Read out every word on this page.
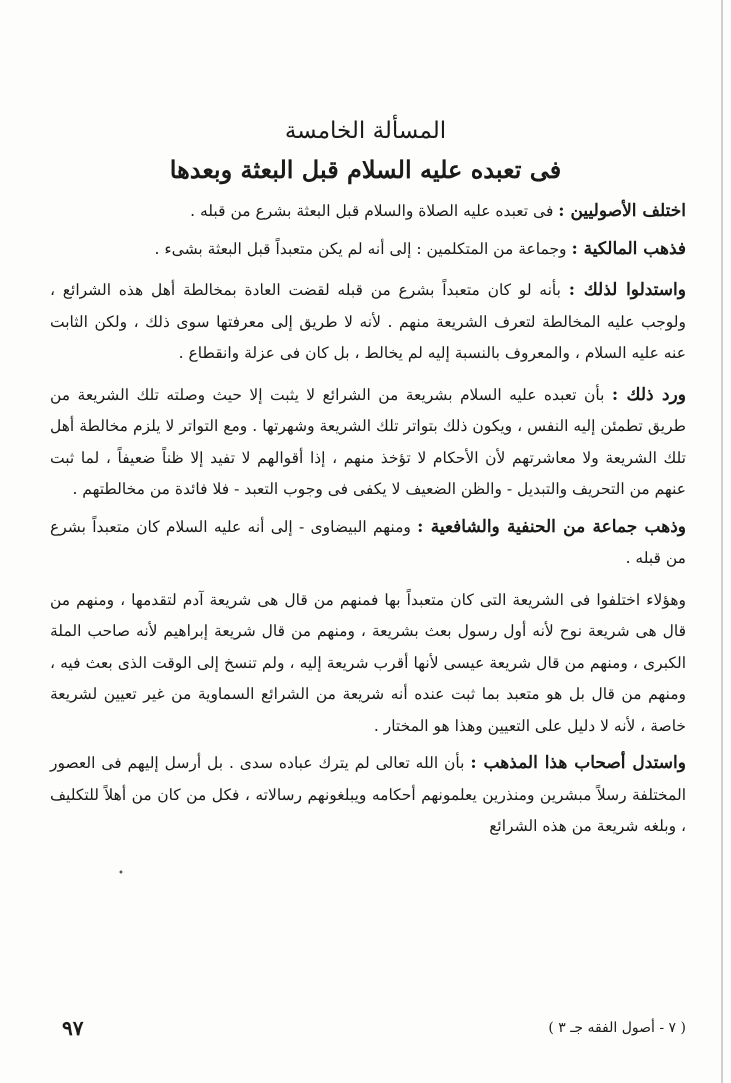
المسألة الخامسة
فى تعبده عليه السلام قبل البعثة وبعدها

اختلف الأصوليين : فى تعبده عليه الصلاة والسلام قبل البعثة بشرع من قبله .

فذهب المالكية : وجماعة من المتكلمين : إلى أنه لم يكن متعبداً قبل البعثة بشىء .

واستدلوا لذلك : بأنه لو كان متعبداً بشرع من قبله لقضت العادة بمخالطة أهل هذه الشرائع ، ولوجب عليه المخالطة لتعرف الشريعة منهم . لأنه لا طريق إلى معرفتها سوى ذلك ، ولكن الثابت عنه عليه السلام ، والمعروف بالنسبة إليه لم يخالط ، بل كان فى عزلة وانقطاع .

ورد ذلك : بأن تعبده عليه السلام بشريعة من الشرائع لا يثبت إلا حيث وصلته تلك الشريعة من طريق تطمئن إليه النفس ، ويكون ذلك بتواتر تلك الشريعة وشهرتها . ومع التواتر لا يلزم مخالطة أهل تلك الشريعة ولا معاشرتهم لأن الأحكام لا تؤخذ منهم ، إذا أقوالهم لا تفيد إلا ظناً ضعيفاً ، لما ثبت عنهم من التحريف والتبديل - والظن الضعيف لا يكفى فى وجوب التعبد - فلا فائدة من مخالطتهم .

وذهب جماعة من الحنفية والشافعية : ومنهم البيضاوى - إلى أنه عليه السلام كان متعبداً بشرع من قبله .

وهؤلاء اختلفوا فى الشريعة التى كان متعبداً بها فمنهم من قال هى شريعة آدم لتقدمها ، ومنهم من قال هى شريعة نوح لأنه أول رسول بعث بشريعة ، ومنهم من قال شريعة إبراهيم لأنه صاحب الملة الكبرى ، ومنهم من قال شريعة عيسى لأنها أقرب شريعة إليه ، ولم تنسخ إلى الوقت الذى بعث فيه ، ومنهم من قال بل هو متعبد بما ثبت عنده أنه شريعة من الشرائع السماوية من غير تعيين لشريعة خاصة ، لأنه لا دليل على التعيين وهذا هو المختار .

واستدل أصحاب هذا المذهب : بأن الله تعالى لم يترك عباده سدى . بل أرسل إليهم فى العصور المختلفة رسلاً مبشرين ومنذرين يعلمونهم أحكامه ويبلغونهم رسالاته ، فكل من كان من أهلاً للتكليف ، وبلغه شريعة من هذه الشرائع

•
( ٧ - أصول الفقه جـ ٣ )
٩٧
